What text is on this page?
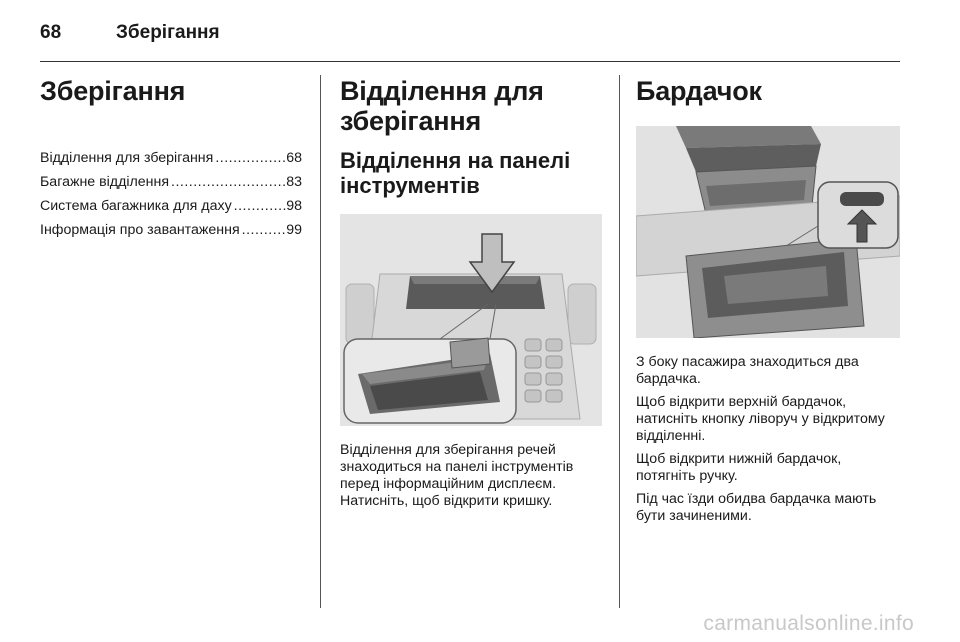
68	Зберігання
Зберігання
Відділення для зберігання .....	68
Багажне відділення .....	83
Система багажника для даху .....	98
Інформація про завантаження .....	99
Відділення для зберігання
Відділення на панелі інструментів

Відділення для зберігання речей знаходиться на панелі інструментів перед інформаційним дисплеєм. Натисніть, щоб відкрити кришку.

Бардачок

З боку пасажира знаходиться два бардачка.

Щоб відкрити верхній бардачок, натисніть кнопку ліворуч у відкритому відділенні.

Щоб відкрити нижній бардачок, потягніть ручку.

Під час їзди обидва бардачка мають бути зачиненими.

carmanualsonline.info
